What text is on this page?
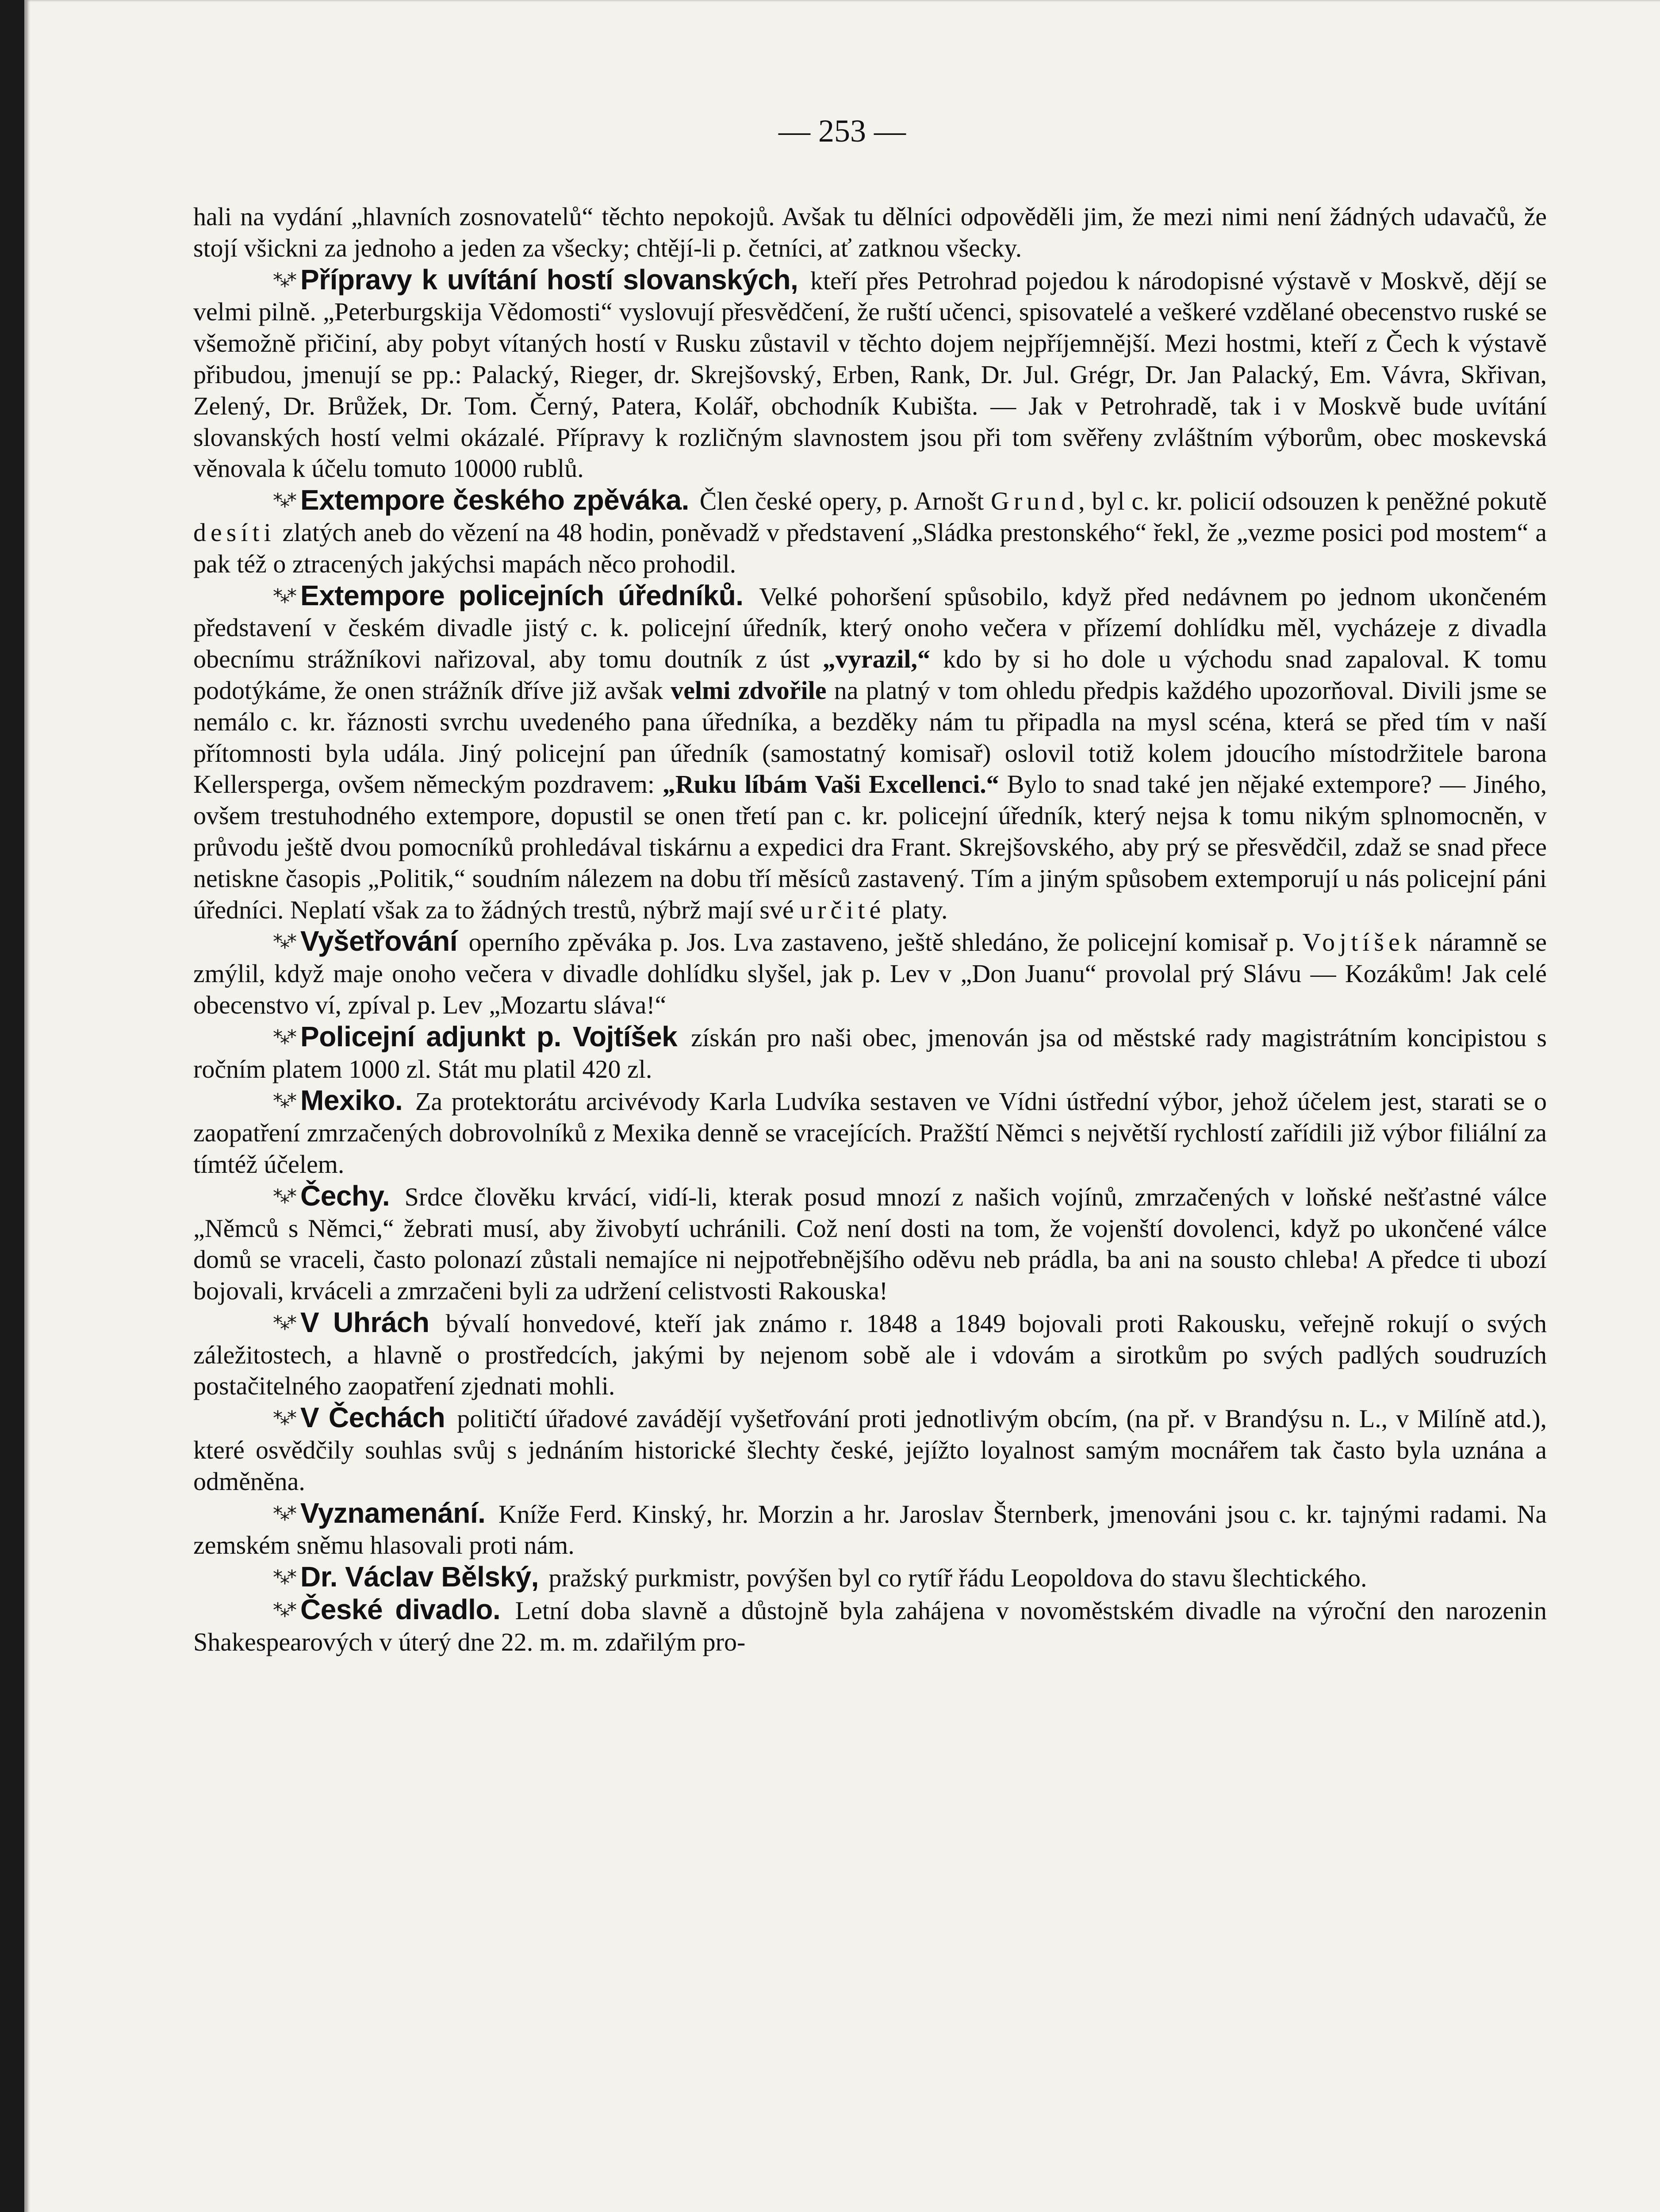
— 253 —

hali na vydání „hlavních zosnovatelů“ těchto nepokojů. Avšak tu dělníci odpověděli jim, že mezi nimi není žádných udavačů, že stojí všickni za jednoho a jeden za všecky; chtějí-li p. četníci, ať zatknou všecky.

*⁎* Přípravy k uvítání hostí slovanských, kteří přes Petrohrad pojedou k národopisné výstavě v Moskvě, dějí se velmi pilně. „Peterburgskija Vědomosti“ vyslovují přesvědčení, že ruští učenci, spisovatelé a veškeré vzdělané obecenstvo ruské se všemožně přičiní, aby pobyt vítaných hostí v Rusku zůstavil v těchto dojem nejpříjemnější. Mezi hostmi, kteří z Čech k výstavě přibudou, jmenují se pp.: Palacký, Rieger, dr. Skrejšovský, Erben, Rank, Dr. Jul. Grégr, Dr. Jan Palacký, Em. Vávra, Skřivan, Zelený, Dr. Brůžek, Dr. Tom. Černý, Patera, Kolář, obchodník Kubišta. — Jak v Petrohradě, tak i v Moskvě bude uvítání slovanských hostí velmi okázalé. Přípravy k rozličným slavnostem jsou při tom svěřeny zvláštním výborům, obec moskevská věnovala k účelu tomuto 10000 rublů.

*⁎* Extempore českého zpěváka. Člen české opery, p. Arnošt Grund, byl c. kr. policií odsouzen k peněžné pokutě desíti zlatých aneb do vězení na 48 hodin, poněvadž v představení „Sládka prestonského“ řekl, že „vezme posici pod mostem“ a pak též o ztracených jakýchsi mapách něco prohodil.

*⁎* Extempore policejních úředníků. Velké pohoršení spůsobilo, když před nedávnem po jednom ukončeném představení v českém divadle jistý c. k. policejní úředník, který onoho večera v přízemí dohlídku měl, vycházeje z divadla obecnímu strážníkovi nařizoval, aby tomu doutník z úst „vyrazil,“ kdo by si ho dole u východu snad zapaloval. K tomu podotýkáme, že onen strážník dříve již avšak velmi zdvořile na platný v tom ohledu předpis každého upozorňoval. Divili jsme se nemálo c. kr. řáznosti svrchu uvedeného pana úředníka, a bezděky nám tu připadla na mysl scéna, která se před tím v naší přítomnosti byla udála. Jiný policejní pan úředník (samostatný komisař) oslovil totiž kolem jdoucího místodržitele barona Kellersperga, ovšem německým pozdravem: „Ruku líbám Vaši Excellenci.“ Bylo to snad také jen nějaké extempore? — Jiného, ovšem trestuhodného extempore, dopustil se onen třetí pan c. kr. policejní úředník, který nejsa k tomu nikým splnomocněn, v průvodu ještě dvou pomocníků prohledával tiskárnu a expedici dra Frant. Skrejšovského, aby prý se přesvědčil, zdaž se snad přece netiskne časopis „Politik,“ soudním nálezem na dobu tří měsíců zastavený. Tím a jiným spůsobem extemporují u nás policejní páni úředníci. Neplatí však za to žádných trestů, nýbrž mají své určité platy.

*⁎* Vyšetřování operního zpěváka p. Jos. Lva zastaveno, ještě shledáno, že policejní komisař p. Vojtíšek náramně se zmýlil, když maje onoho večera v divadle dohlídku slyšel, jak p. Lev v „Don Juanu“ provolal prý Slávu — Kozákům! Jak celé obecenstvo ví, zpíval p. Lev „Mozartu sláva!“

*⁎* Policejní adjunkt p. Vojtíšek získán pro naši obec, jmenován jsa od městské rady magistrátním koncipistou s ročním platem 1000 zl. Stát mu platil 420 zl.

*⁎* Mexiko. Za protektorátu arcivévody Karla Ludvíka sestaven ve Vídni ústřední výbor, jehož účelem jest, starati se o zaopatření zmrzačených dobrovolníků z Mexika denně se vracejících. Pražští Němci s největší rychlostí zařídili již výbor filiální za tímtéž účelem.

*⁎* Čechy. Srdce člověku krvácí, vidí-li, kterak posud mnozí z našich vojínů, zmrzačených v loňské nešťastné válce „Němců s Němci,“ žebrati musí, aby živobytí uchránili. Což není dosti na tom, že vojenští dovolenci, když po ukončené válce domů se vraceli, často polonazí zůstali nemajíce ni nejpotřebnějšího oděvu neb prádla, ba ani na sousto chleba! A předce ti ubozí bojovali, krváceli a zmrzačeni byli za udržení celistvosti Rakouska!

*⁎* V Uhrách bývalí honvedové, kteří jak známo r. 1848 a 1849 bojovali proti Rakousku, veřejně rokují o svých záležitostech, a hlavně o prostředcích, jakými by nejenom sobě ale i vdovám a sirotkům po svých padlých soudruzích postačitelného zaopatření zjednati mohli.

*⁎* V Čechách političtí úřadové zavádějí vyšetřování proti jednotlivým obcím, (na př. v Brandýsu n. L., v Milíně atd.), které osvědčily souhlas svůj s jednáním historické šlechty české, jejížto loyalnost samým mocnářem tak často byla uznána a odměněna.

*⁎* Vyznamenání. Kníže Ferd. Kinský, hr. Morzin a hr. Jaroslav Šternberk, jmenováni jsou c. kr. tajnými radami. Na zemském sněmu hlasovali proti nám.

*⁎* Dr. Václav Bělský, pražský purkmistr, povýšen byl co rytíř řádu Leopoldova do stavu šlechtického.

*⁎* České divadlo. Letní doba slavně a důstojně byla zahájena v novoměstském divadle na výroční den narozenin Shakespearových v úterý dne 22. m. m. zdařilým pro-
